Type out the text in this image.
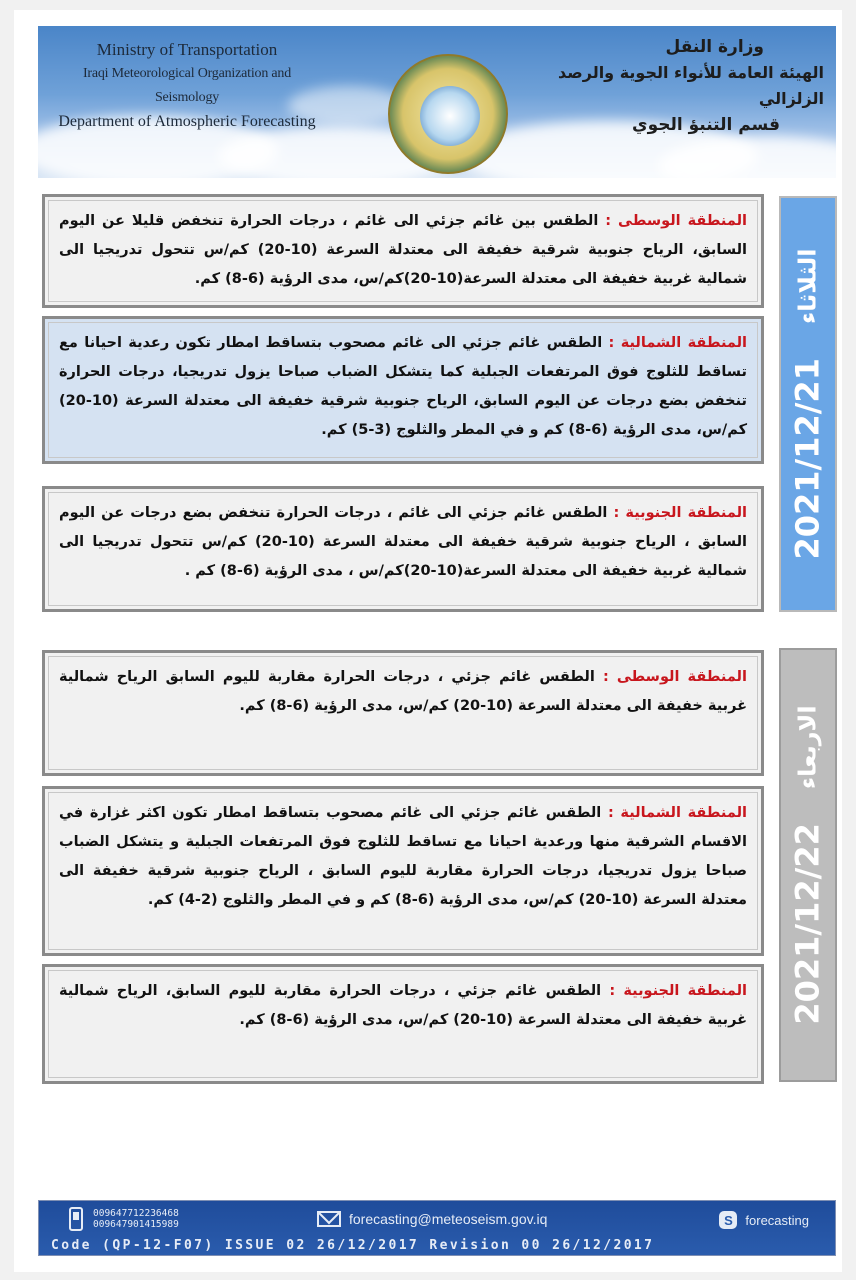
Ministry of Transportation
Iraqi Meteorological Organization and Seismology
Department of Atmospheric Forecasting
وزارة النقل
الهيئة العامة للأنواء الجوية والرصد الزلزالي
قسم التنبؤ الجوي
2021/12/21
الثلاثاء
2021/12/22
الاربعاء
المنطقة الوسطى : الطقس بين غائم جزئي الى غائم ، درجات الحرارة تنخفض قليلا عن اليوم السابق، الرياح جنوبية شرقية خفيفة الى معتدلة السرعة (10-20) كم/س تتحول تدريجيا الى شمالية غربية خفيفة الى معتدلة السرعة(10-20)كم/س، مدى الرؤية (6-8) كم.
المنطقة الشمالية : الطقس غائم جزئي الى غائم مصحوب بتساقط امطار تكون رعدية احيانا مع تساقط للثلوج فوق المرتفعات الجبلية كما يتشكل الضباب صباحا يزول تدريجيا، درجات الحرارة تنخفض بضع درجات عن اليوم السابق، الرياح جنوبية شرقية خفيفة الى معتدلة السرعة (10-20) كم/س، مدى الرؤية (6-8) كم و في المطر والثلوج (3-5) كم.
المنطقة الجنوبية : الطقس غائم جزئي الى غائم ، درجات الحرارة تنخفض بضع درجات عن اليوم السابق ، الرياح جنوبية شرقية خفيفة الى معتدلة السرعة (10-20) كم/س تتحول تدريجيا الى شمالية غربية خفيفة الى معتدلة السرعة(10-20)كم/س ، مدى الرؤية (6-8) كم .
المنطقة الوسطى : الطقس غائم جزئي ، درجات الحرارة مقاربة لليوم السابق الرياح شمالية غربية خفيفة الى معتدلة السرعة (10-20) كم/س، مدى الرؤية (6-8) كم.
المنطقة الشمالية : الطقس غائم جزئي الى غائم مصحوب بتساقط امطار تكون اكثر غزارة في الاقسام الشرقية منها ورعدية احيانا مع تساقط للثلوج فوق المرتفعات الجبلية و يتشكل الضباب صباحا يزول تدريجيا، درجات الحرارة مقاربة لليوم السابق ، الرياح جنوبية شرقية خفيفة الى معتدلة السرعة (10-20) كم/س، مدى الرؤية (6-8) كم و في المطر والثلوج (2-4) كم.
المنطقة الجنوبية : الطقس غائم جزئي ، درجات الحرارة مقاربة لليوم السابق، الرياح شمالية غربية خفيفة الى معتدلة السرعة (10-20) كم/س، مدى الرؤية (6-8) كم.
009647712236468
009647901415989	forecasting@meteoseism.gov.iq	S forecasting
Code (QP-12-F07) ISSUE 02 26/12/2017 Revision 00 26/12/2017
